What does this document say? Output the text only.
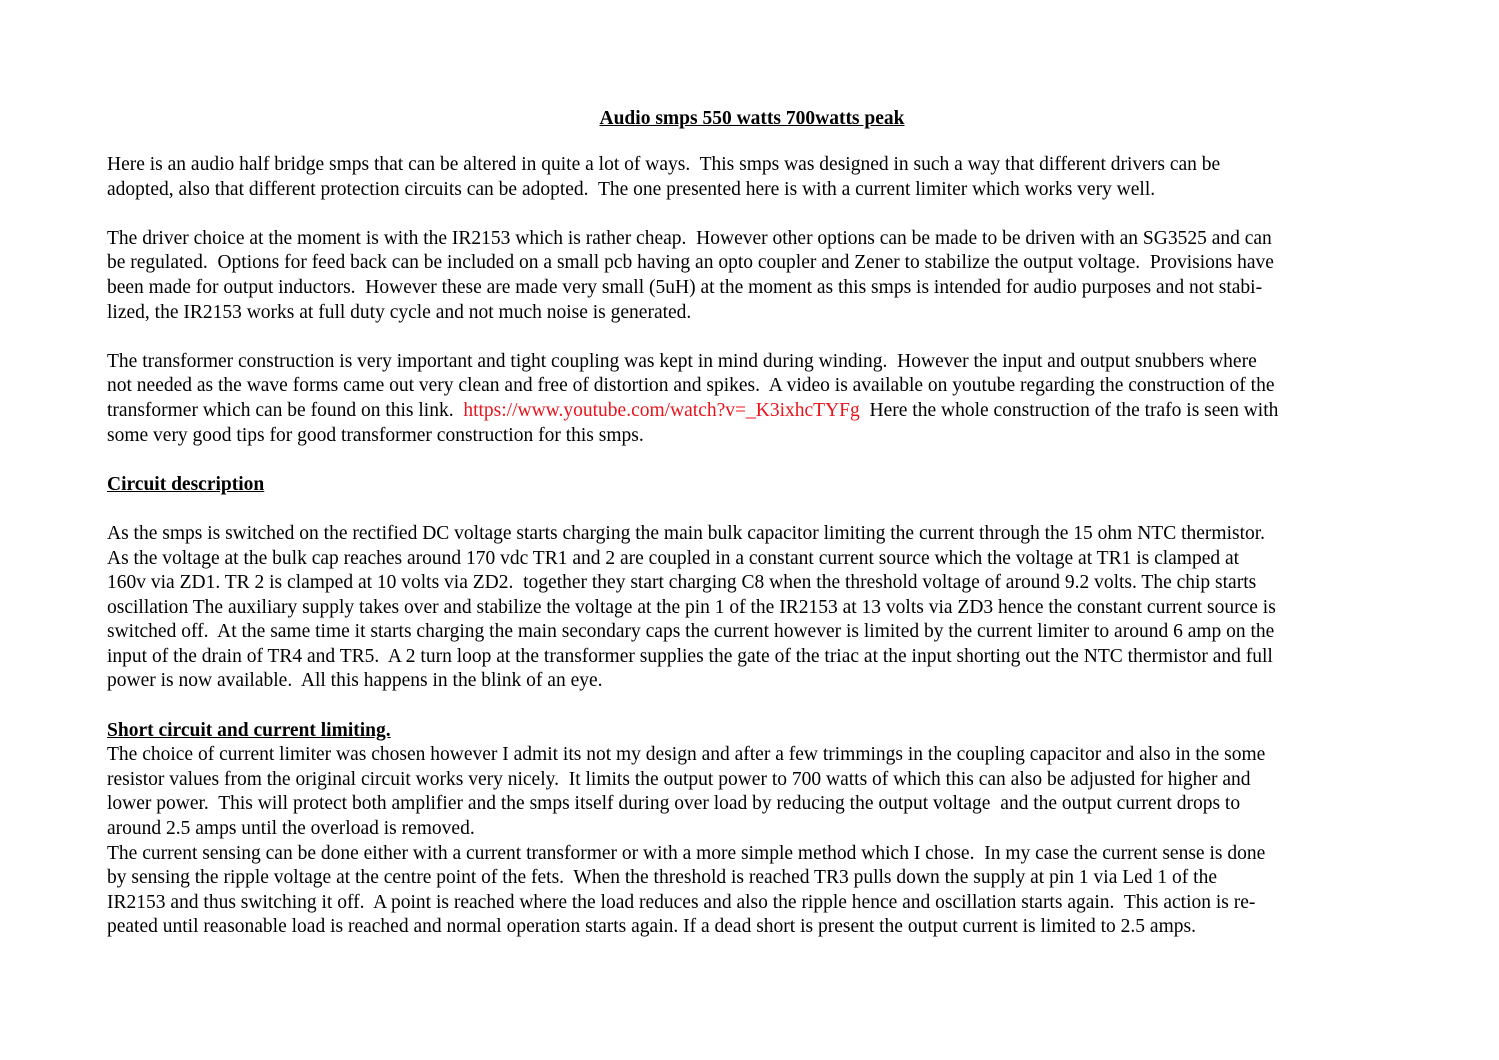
Audio smps 550 watts 700watts peak
Here is an audio half bridge smps that can be altered in quite a lot of ways.  This smps was designed in such a way that different drivers can be
adopted, also that different protection circuits can be adopted.  The one presented here is with a current limiter which works very well.
The driver choice at the moment is with the IR2153 which is rather cheap.  However other options can be made to be driven with an SG3525 and can
be regulated.  Options for feed back can be included on a small pcb having an opto coupler and Zener to stabilize the output voltage.  Provisions have
been made for output inductors.  However these are made very small (5uH) at the moment as this smps is intended for audio purposes and not stabi-
lized, the IR2153 works at full duty cycle and not much noise is generated.
The transformer construction is very important and tight coupling was kept in mind during winding.  However the input and output snubbers where
not needed as the wave forms came out very clean and free of distortion and spikes.  A video is available on youtube regarding the construction of the
transformer which can be found on this link.  https://www.youtube.com/watch?v=_K3ixhcTYFg  Here the whole construction of the trafo is seen with
some very good tips for good transformer construction for this smps.
Circuit description
As the smps is switched on the rectified DC voltage starts charging the main bulk capacitor limiting the current through the 15 ohm NTC thermistor.
As the voltage at the bulk cap reaches around 170 vdc TR1 and 2 are coupled in a constant current source which the voltage at TR1 is clamped at
160v via ZD1. TR 2 is clamped at 10 volts via ZD2.  together they start charging C8 when the threshold voltage of around 9.2 volts. The chip starts
oscillation The auxiliary supply takes over and stabilize the voltage at the pin 1 of the IR2153 at 13 volts via ZD3 hence the constant current source is
switched off.  At the same time it starts charging the main secondary caps the current however is limited by the current limiter to around 6 amp on the
input of the drain of TR4 and TR5.  A 2 turn loop at the transformer supplies the gate of the triac at the input shorting out the NTC thermistor and full
power is now available.  All this happens in the blink of an eye.
Short circuit and current limiting.
The choice of current limiter was chosen however I admit its not my design and after a few trimmings in the coupling capacitor and also in the some
resistor values from the original circuit works very nicely.  It limits the output power to 700 watts of which this can also be adjusted for higher and
lower power.  This will protect both amplifier and the smps itself during over load by reducing the output voltage  and the output current drops to
around 2.5 amps until the overload is removed.
The current sensing can be done either with a current transformer or with a more simple method which I chose.  In my case the current sense is done
by sensing the ripple voltage at the centre point of the fets.  When the threshold is reached TR3 pulls down the supply at pin 1 via Led 1 of the
IR2153 and thus switching it off.  A point is reached where the load reduces and also the ripple hence and oscillation starts again.  This action is re-
peated until reasonable load is reached and normal operation starts again. If a dead short is present the output current is limited to 2.5 amps.
